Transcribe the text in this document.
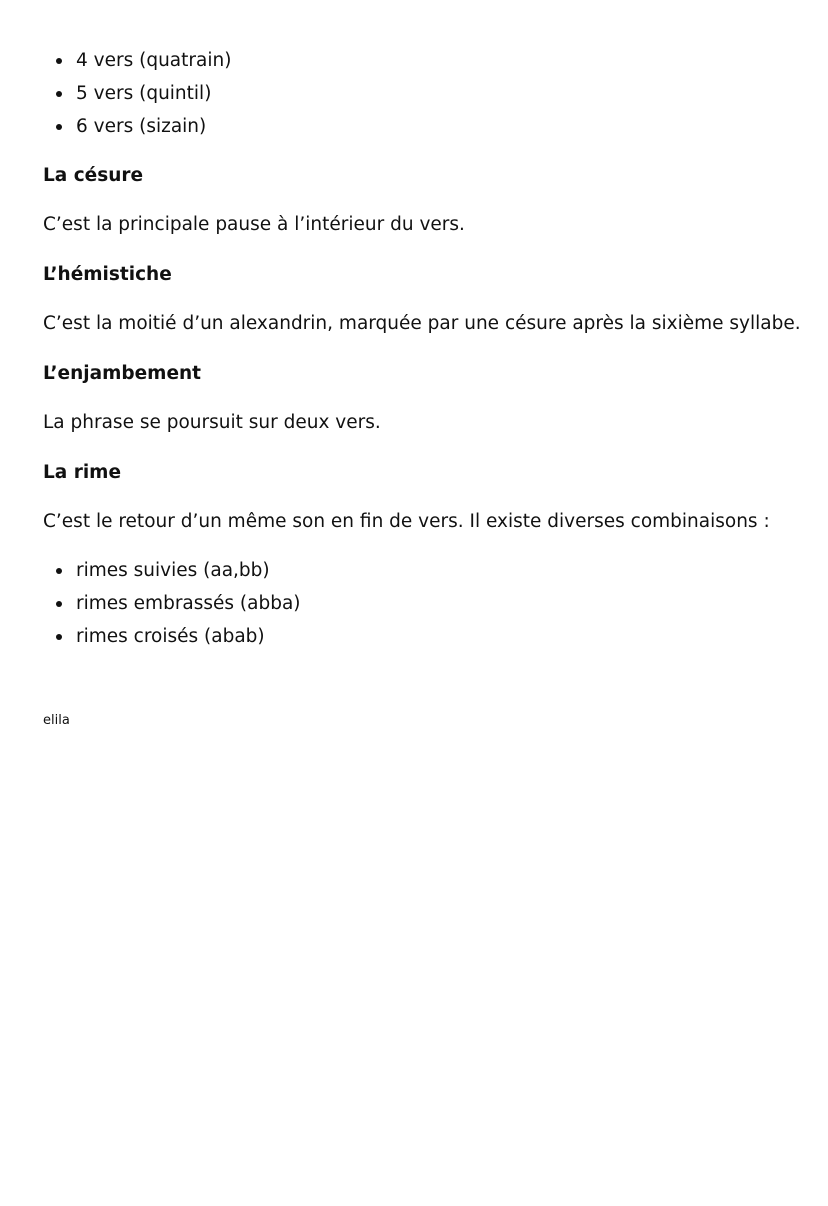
4 vers (quatrain)
5 vers (quintil)
6 vers (sizain)
La césure

C’est la principale pause à l’intérieur du vers.

L’hémistiche

C’est la moitié d’un alexandrin, marquée par une césure après la sixième syllabe.

L’enjambement

La phrase se poursuit sur deux vers.

La rime

C’est le retour d’un même son en fin de vers. Il existe diverses combinaisons :

rimes suivies (aa,bb)
rimes embrassés (abba)
rimes croisés (abab)
elila
